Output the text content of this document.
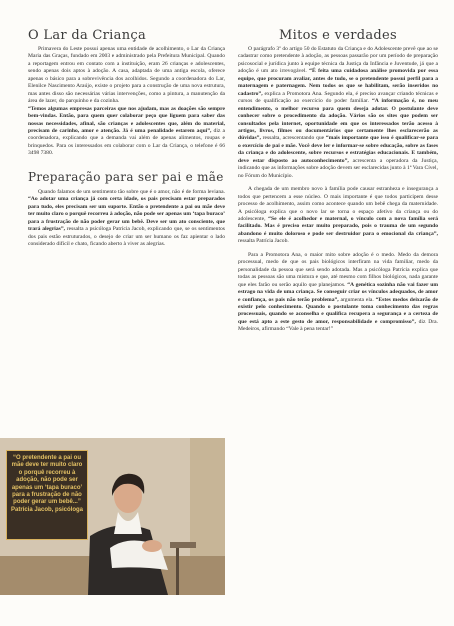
O Lar da Criança

Primavera do Leste possui apenas uma entidade de acolhimento, o Lar da Criança Maria das Graças, fundado em 2003 e administrado pela Prefeitura Municipal. Quando a reportagem entrou em contato com a instituição, eram 26 crianças e adolescentes, sendo apenas dois aptos à adoção. A casa, adaptada de uma antiga escola, oferece apenas o básico para a sobrevivência dos acolhidos. Segundo a coordenadora do Lar, Elenilce Nascimento Araújo, existe o projeto para a construção de uma nova estrutura, mas antes disso são necessárias várias intervenções, como a pintura, a manutenção da área de lazer, do parquinho e da cozinha.

“Temos algumas empresas parceiras que nos ajudam, mas as doações são sempre bem-vindas. Então, para quem quer colaborar peço que liguem para saber das nossas necessidades, afinal, são crianças e adolescentes que, além do material, precisam de carinho, amor e atenção. Já é uma penalidade estarem aqui”, diz a coordenadora, explicando que a demanda vai além de apenas alimentos, roupas e brinquedos. Para os interessados em colaborar com o Lar da Criança, o telefone é 66 3498 7380.

Preparação para ser pai e mãe

Quando falamos de um sentimento tão sobre que é o amor, não é de forma leviana. “Ao adotar uma criança já com certa idade, os pais precisam estar preparados para tudo, eles precisam ser um suporte. Então o pretendente a pai ou mãe deve ter muito claro o porquê recorreu à adoção, não pode ser apenas um ‘tapa buraco’ para a frustração de não poder gerar um bebê. Deve ser um ato consciente, que trará alegrias”, ressalta a psicóloga Patrícia Jacob, explicando que, se os sentimentos dos pais estão estruturados, o desejo de criar um ser humano os faz apientar o lado considerado difícil e chato, ficando aberto à viver as alegrias.

“O pretendente a pai ou mãe deve ter muito claro o porquê recorreu à adoção, não pode ser apenas um ‘tapa buraco’ para a frustração de não poder gerar um bebê...” Patrícia Jacob, psicóloga

Mitos e verdades

O parágrafo 3º do artigo 50 do Estatuto da Criança e do Adolescente prevê que ao se cadastrar como pretendente à adoção, as pessoas passarão por um período de preparação psicosocial e jurídica junto à equipe técnica da Justiça da Infância e Juventude, já que a adoção é um ato irrevogável. “É feita uma cuidadosa análise promovida por essa equipe, que procuram avaliar, antes de tudo, se o pretendente possui perfil para a maternagem e paternagem. Nem todos os que se habilitam, serão inseridos no cadastro”, explica a Promotora Ana. Segundo ela, é preciso avançar criando técnicas e cursos de qualificação ao exercício do poder familiar. “A informação é, no meu entendimento, o melhor recurso para quem deseja adotar. O postulante deve conhecer sobre o procedimento da adoção. Vários são os sites que podem ser consultados pela internet, oportunidade em que os interessados terão acesso à artigos, livros, filmes ou documentários que certamente lhes esclarecerão as dúvidas”, ressalta, acrescentando que “mais importante que isso é qualificar-se para o exercício de pai e mãe. Você deve ler e informar-se sobre educação, sobre as fases da criança e do adolescente, sobre recursos e estratégias educacionais. E também, deve estar disposto ao autoconhecimento”, acrescenta a operadora da Justiça, indicando que as informações sobre adoção devem ser esclarecidas junto à 1ª Vara Cível, no Fórum do Município.

A chegada de um membro novo à família pode causar estranheza e insegurança a todos que pertencem a esse núcleo. O mais importante é que todos participem desse processo de acolhimento, assim como acontece quando um bebê chega da maternidade. A psicóloga explica que o novo lar se torna o espaço afetivo da criança ou do adolescente, “Se ele é acolhedor e maternal, o vínculo com a nova família será facilitado. Mas é preciso estar muito preparado, pois o trauma de um segundo abandono é muito doloroso e pode ser destruidor para o emocional da criança”, ressalta Patrícia Jacob.

Para a Promotora Ana, o maior mito sobre adoção é o medo. Medo da demora processual, medo de que os pais biológicos interfiram na vida familiar, medo da personalidade da pessoa que será sendo adotada. Mas a psicóloga Patrícia explica que todas as pessoas são uma mistura e que, até mesmo com filhos biológicos, nada garante que eles farão ou serão aquilo que planejamos. “A genética sozinha não vai fazer um estrago na vida de uma criança. Se conseguir criar os vínculos adequados, de amor e confiança, os pais não terão problema”, argumenta ela. “Estes medos deixarão de existir pelo conhecimento. Quando o postulante toma conhecimento das regras processuais, quando se aconselha e qualifica recupera a segurança e a certeza de que está apto a este gesto de amor, responsabilidade e compromisso”, diz Dra. Medeiros, afirmando “Vale à pena tentar!”
